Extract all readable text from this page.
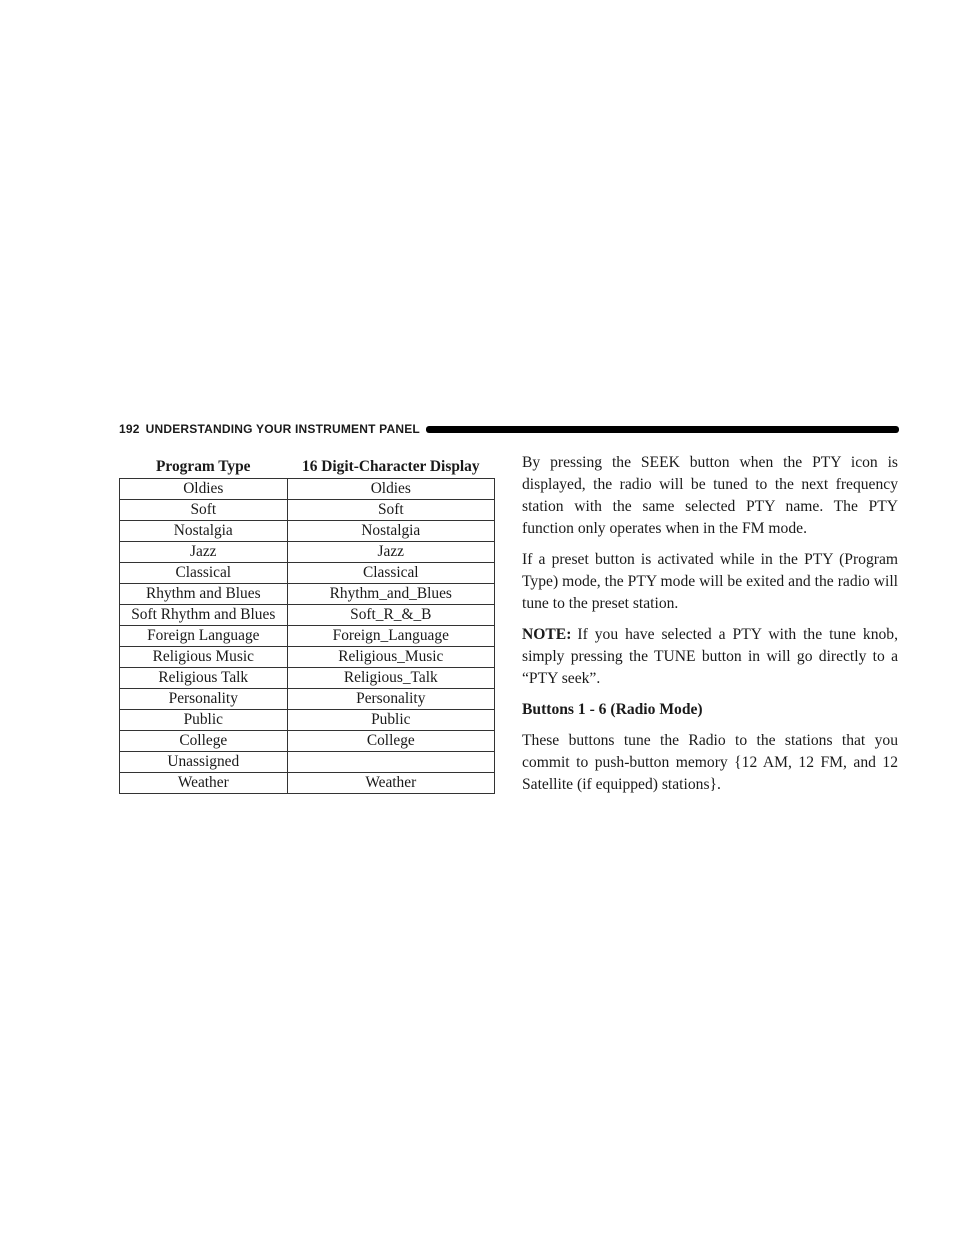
192 UNDERSTANDING YOUR INSTRUMENT PANEL
Program Type	16 Digit-Character Display
Oldies	Oldies
Soft	Soft
Nostalgia	Nostalgia
Jazz	Jazz
Classical	Classical
Rhythm and Blues	Rhythm_and_Blues
Soft Rhythm and Blues	Soft_R_&_B
Foreign Language	Foreign_Language
Religious Music	Religious_Music
Religious Talk	Religious_Talk
Personality	Personality
Public	Public
College	College
Unassigned	
Weather	Weather

By pressing the SEEK button when the PTY icon is displayed, the radio will be tuned to the next frequency station with the same selected PTY name. The PTY function only operates when in the FM mode.

If a preset button is activated while in the PTY (Program Type) mode, the PTY mode will be exited and the radio will tune to the preset station.

NOTE: If you have selected a PTY with the tune knob, simply pressing the TUNE button in will go directly to a “PTY seek”.

Buttons 1 - 6 (Radio Mode)

These buttons tune the Radio to the stations that you commit to push-button memory {12 AM, 12 FM, and 12 Satellite (if equipped) stations}.
